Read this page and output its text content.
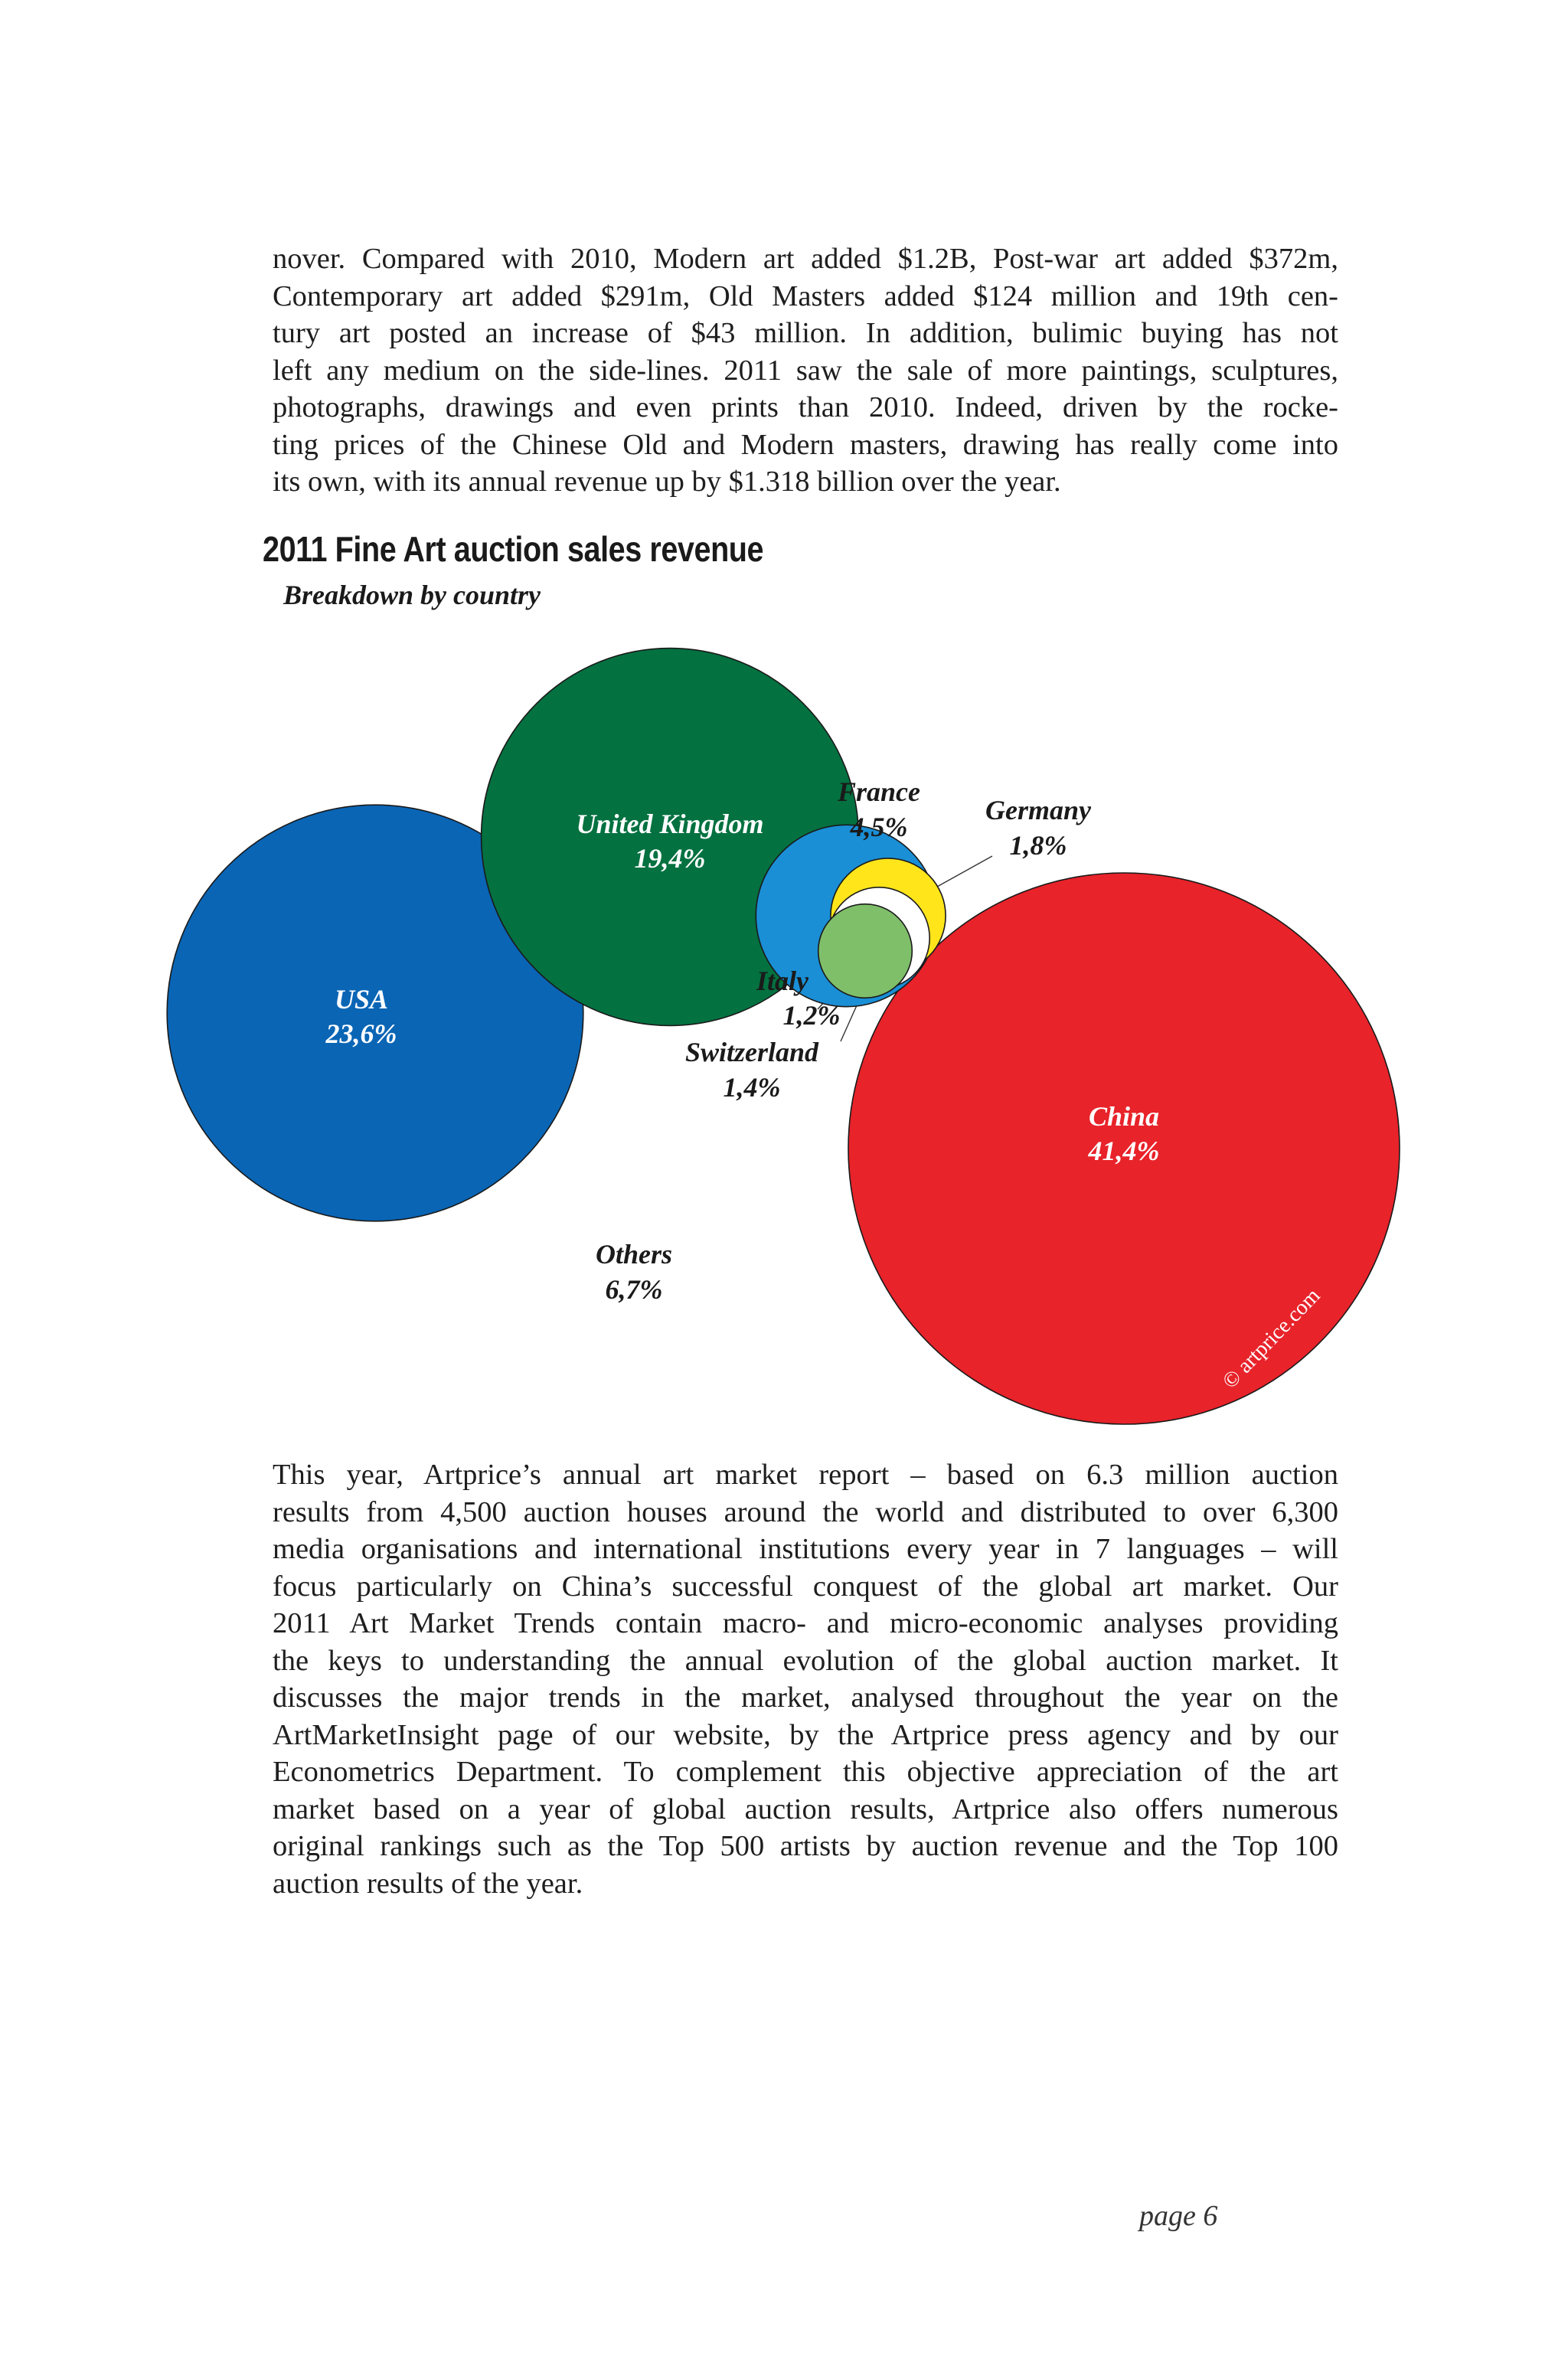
nover. Compared with 2010, Modern art added $1.2B, Post-war art added $372m,
Contemporary art added $291m, Old Masters added $124 million and 19th cen-
tury art posted an increase of $43 million. In addition, bulimic buying has not
left any medium on the side-lines. 2011 saw the sale of more paintings, sculptures,
photographs, drawings and even prints than 2010. Indeed, driven by the rocke-
ting prices of the Chinese Old and Modern masters, drawing has really come into
its own, with its annual revenue up by $1.318 billion over the year.
2011 Fine Art auction sales revenue
Breakdown by country
China
41,4%
USA
23,6%
United Kingdom
19,4%
Others
6,7%
France
4,5%
Germany
1,8%
Switzerland
1,4%
Italy
1,2%
© artprice.com
This year, Artprice’s annual art market report – based on 6.3 million auction
results from 4,500 auction houses around the world and distributed to over 6,300
media organisations and international institutions every year in 7 languages – will
focus particularly on China’s successful conquest of the global art market. Our
2011 Art Market Trends contain macro- and micro-economic analyses providing
the keys to understanding the annual evolution of the global auction market. It
discusses the major trends in the market, analysed throughout the year on the
ArtMarketInsight page of our website, by the Artprice press agency and by our
Econometrics Department. To complement this objective appreciation of the art
market based on a year of global auction results, Artprice also offers numerous
original rankings such as the Top 500 artists by auction revenue and the Top 100
auction results of the year.
page 6
